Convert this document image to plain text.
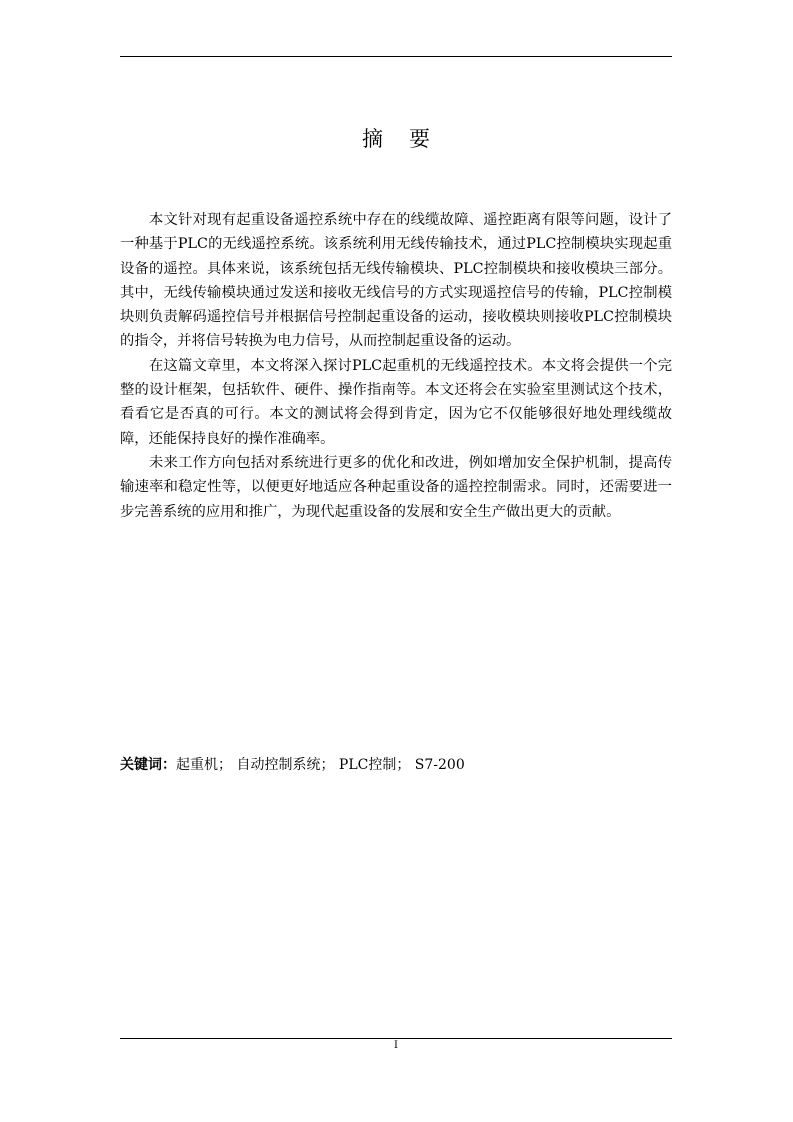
摘要

本文针对现有起重设备遥控系统中存在的线缆故障、遥控距离有限等问题，设计了一种基于PLC的无线遥控系统。该系统利用无线传输技术，通过PLC控制模块实现起重设备的遥控。具体来说，该系统包括无线传输模块、PLC控制模块和接收模块三部分。其中，无线传输模块通过发送和接收无线信号的方式实现遥控信号的传输，PLC控制模块则负责解码遥控信号并根据信号控制起重设备的运动，接收模块则接收PLC控制模块的指令，并将信号转换为电力信号，从而控制起重设备的运动。

在这篇文章里，本文将深入探讨PLC起重机的无线遥控技术。本文将会提供一个完整的设计框架，包括软件、硬件、操作指南等。本文还将会在实验室里测试这个技术，看看它是否真的可行。本文的测试将会得到肯定，因为它不仅能够很好地处理线缆故障，还能保持良好的操作准确率。

未来工作方向包括对系统进行更多的优化和改进，例如增加安全保护机制，提高传输速率和稳定性等，以便更好地适应各种起重设备的遥控控制需求。同时，还需要进一步完善系统的应用和推广，为现代起重设备的发展和安全生产做出更大的贡献。

关键词：起重机； 自动控制系统； PLC控制； S7-200
I
